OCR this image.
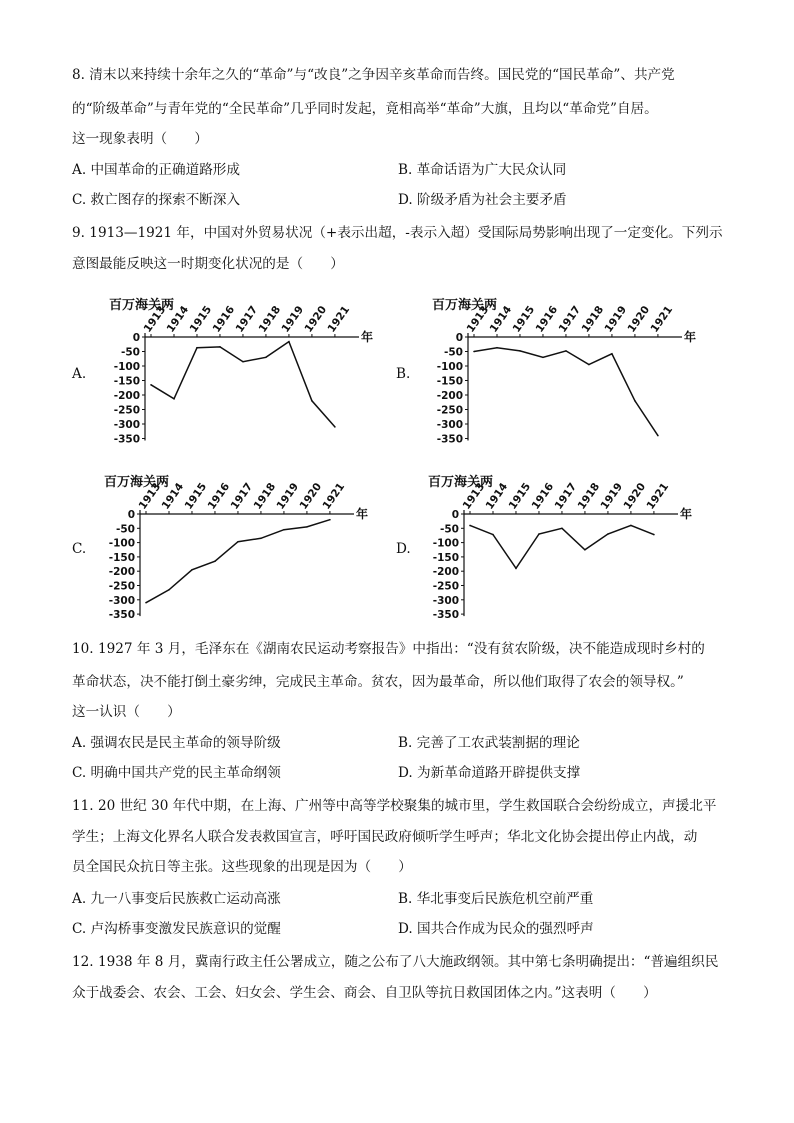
8. 清末以来持续十余年之久的“革命”与“改良”之争因辛亥革命而告终。国民党的“国民革命”、共产党
的“阶级革命”与青年党的“全民革命”几乎同时发起，竟相高举“革命”大旗，且均以“革命党”自居。
这一现象表明（　　）
A. 中国革命的正确道路形成	B. 革命话语为广大民众认同
C. 救亡图存的探索不断深入	D. 阶级矛盾为社会主要矛盾
9. 1913—1921 年，中国对外贸易状况（+表示出超，-表示入超）受国际局势影响出现了一定变化。下列示
意图最能反映这一时期变化状况的是（　　）
A.	B.
C.	D.
百万海关两
0
-50
-100
-150
-200
-250
-300
-350
1913
1914
1915
1916
1917
1918
1919
1920
1921
年
百万海关两
0
-50
-100
-150
-200
-250
-300
-350
1913
1914
1915
1916
1917
1918
1919
1920
1921
年
百万海关两
0
-50
-100
-150
-200
-250
-300
-350
1913
1914
1915
1916
1917
1918
1919
1920
1921
年
百万海关两
0
-50
-100
-150
-200
-250
-300
-350
1913
1914
1915
1916
1917
1918
1919
1920
1921
年
10. 1927 年 3 月，毛泽东在《湖南农民运动考察报告》中指出：“没有贫农阶级，决不能造成现时乡村的
革命状态，决不能打倒土豪劣绅，完成民主革命。贫农，因为最革命，所以他们取得了农会的领导权。”
这一认识（　　）
A. 强调农民是民主革命的领导阶级	B. 完善了工农武装割据的理论
C. 明确中国共产党的民主革命纲领	D. 为新革命道路开辟提供支撑
11. 20 世纪 30 年代中期，在上海、广州等中高等学校聚集的城市里，学生救国联合会纷纷成立，声援北平
学生；上海文化界名人联合发表救国宣言，呼吁国民政府倾听学生呼声；华北文化协会提出停止内战，动
员全国民众抗日等主张。这些现象的出现是因为（　　）
A. 九一八事变后民族救亡运动高涨	B. 华北事变后民族危机空前严重
C. 卢沟桥事变激发民族意识的觉醒	D. 国共合作成为民众的强烈呼声
12. 1938 年 8 月，冀南行政主任公署成立，随之公布了八大施政纲领。其中第七条明确提出：“普遍组织民
众于战委会、农会、工会、妇女会、学生会、商会、自卫队等抗日救国团体之内。”这表明（　　）
